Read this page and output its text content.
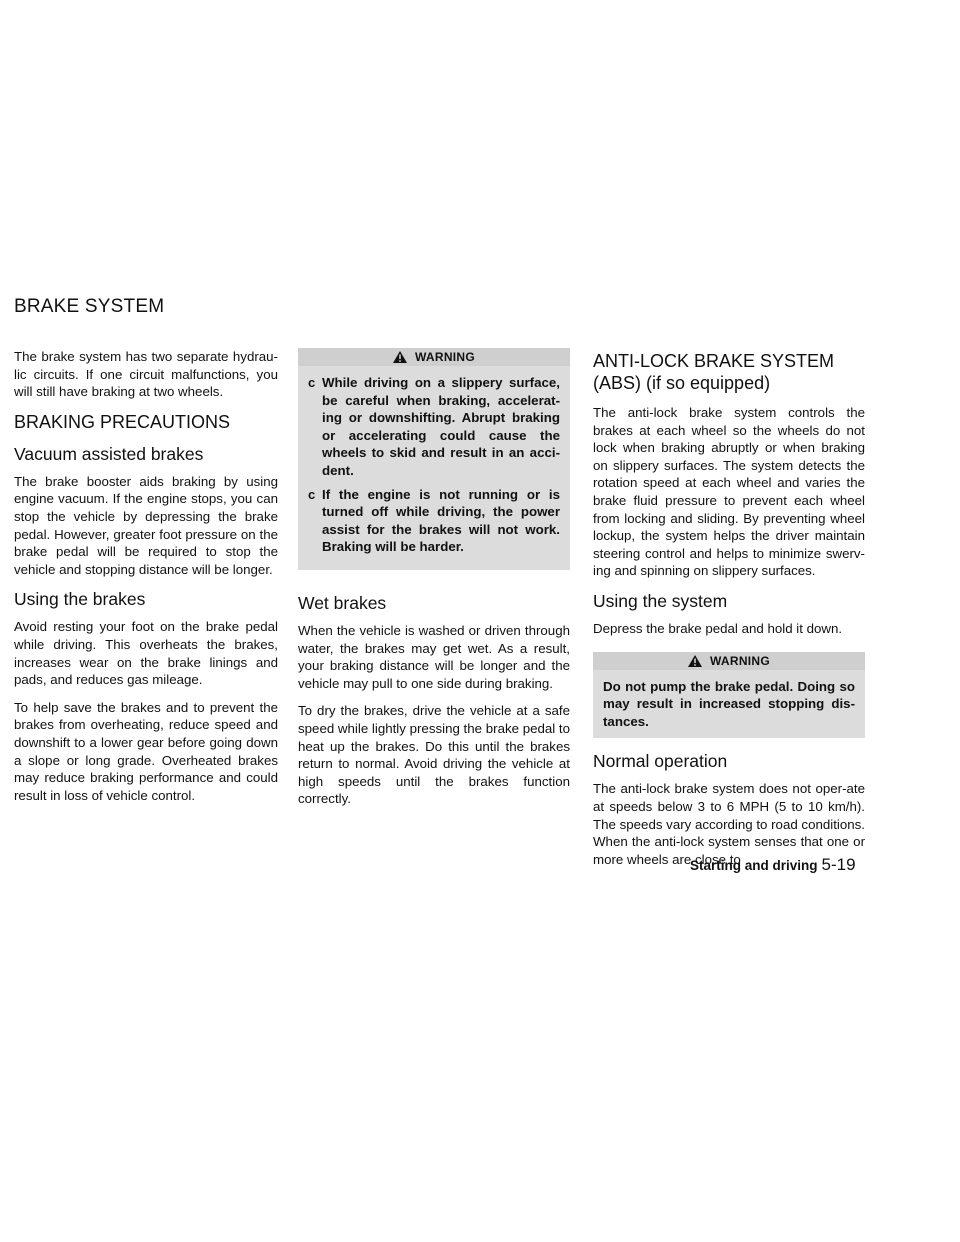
BRAKE SYSTEM

The brake system has two separate hydrau-lic circuits. If one circuit malfunctions, you will still have braking at two wheels.

BRAKING PRECAUTIONS
Vacuum assisted brakes

The brake booster aids braking by using engine vacuum. If the engine stops, you can stop the vehicle by depressing the brake pedal. However, greater foot pressure on the brake pedal will be required to stop the vehicle and stopping distance will be longer.

Using the brakes

Avoid resting your foot on the brake pedal while driving. This overheats the brakes, increases wear on the brake linings and pads, and reduces gas mileage.

To help save the brakes and to prevent the brakes from overheating, reduce speed and downshift to a lower gear before going down a slope or long grade. Overheated brakes may reduce braking performance and could result in loss of vehicle control.

WARNING
c While driving on a slippery surface, be careful when braking, accelerat-ing or downshifting. Abrupt braking or accelerating could cause the wheels to skid and result in an acci-dent.

c If the engine is not running or is turned off while driving, the power assist for the brakes will not work. Braking will be harder.

Wet brakes

When the vehicle is washed or driven through water, the brakes may get wet. As a result, your braking distance will be longer and the vehicle may pull to one side during braking.

To dry the brakes, drive the vehicle at a safe speed while lightly pressing the brake pedal to heat up the brakes. Do this until the brakes return to normal. Avoid driving the vehicle at high speeds until the brakes function correctly.

ANTI-LOCK BRAKE SYSTEM
(ABS) (if so equipped)

The anti-lock brake system controls the brakes at each wheel so the wheels do not lock when braking abruptly or when braking on slippery surfaces. The system detects the rotation speed at each wheel and varies the brake fluid pressure to prevent each wheel from locking and sliding. By preventing wheel lockup, the system helps the driver maintain steering control and helps to minimize swerv-ing and spinning on slippery surfaces.

Using the system

Depress the brake pedal and hold it down.

WARNING

Do not pump the brake pedal. Doing so may result in increased stopping dis-tances.

Normal operation

The anti-lock brake system does not oper-ate at speeds below 3 to 6 MPH (5 to 10 km/h). The speeds vary according to road conditions. When the anti-lock system senses that one or more wheels are close to

Starting and driving 5-19
